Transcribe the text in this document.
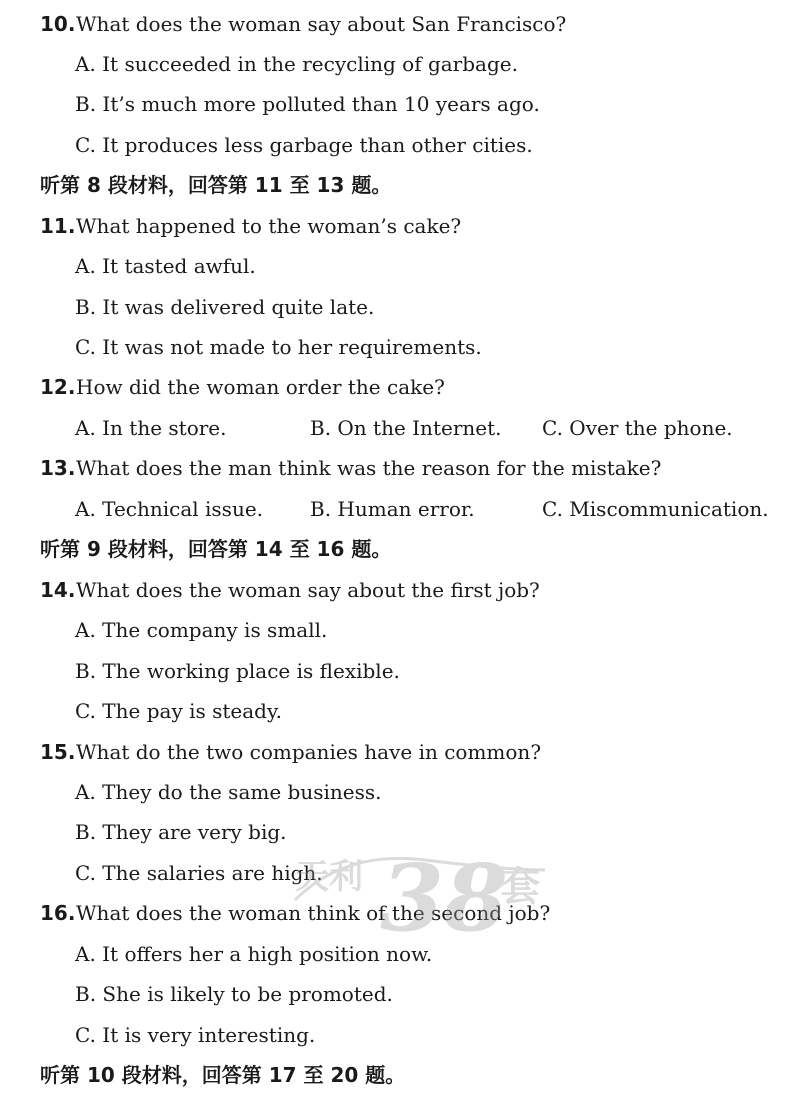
10. What does the woman say about San Francisco?
A. It succeeded in the recycling of garbage.
B. It’s much more polluted than 10 years ago.
C. It produces less garbage than other cities.
听第 8 段材料，回答第 11 至 13 题。
11. What happened to the woman’s cake?
A. It tasted awful.
B. It was delivered quite late.
C. It was not made to her requirements.
12. How did the woman order the cake?
A. In the store.	B. On the Internet. C. Over the phone.
13. What does the man think was the reason for the mistake?
A. Technical issue. B. Human error.	C. Miscommunication.
听第 9 段材料，回答第 14 至 16 题。
14. What does the woman say about the first job?
A. The company is small.
B. The working place is flexible.
C. The pay is steady.
15. What do the two companies have in common?
A. They do the same business.
B. They are very big.
C. The salaries are high.
16. What does the woman think of the second job?
A. It offers her a high position now.
B. She is likely to be promoted.
C. It is very interesting.
听第 10 段材料，回答第 17 至 20 题。
天利 38
套
